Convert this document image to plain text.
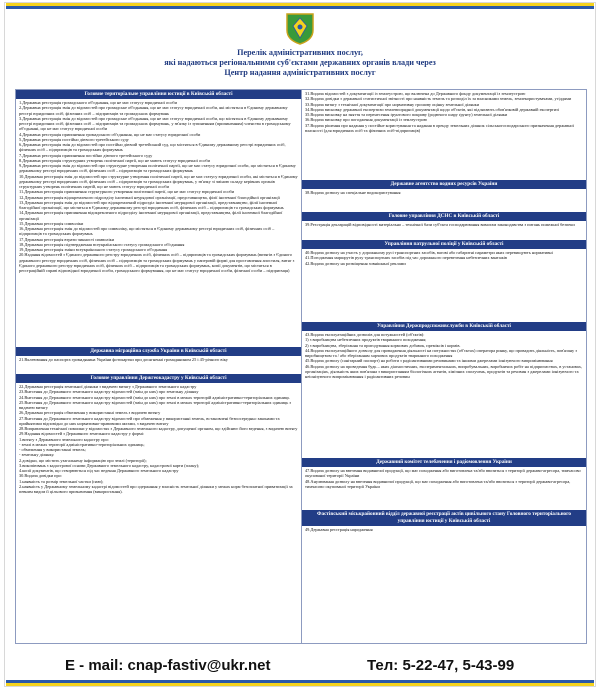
Перелік адміністративних послуг,
які надаються регіональними суб'єктами державних органів влади через
Центр надання адміністративних послуг
Головне територіальне управління юстиції в Київській області
1.Державна реєстрація громадського об'єднання, що не має статусу юридичної особи
2.Державна реєстрація змін до відомостей про громадське об'єднання, що не має статусу юридичної особи, які містяться в Єдиному державному реєстрі юридичних осіб, фізичних осіб – підприємців та громадських формувань
3.Державна реєстрація змін до відомостей про громадське об'єднання, що не має статусу юридичної особи, що містяться в Єдиному державному реєстрі юридичних осіб, фізичних осіб – підприємців та громадських формувань, у зв'язку із зупиненням (припиненням) членства в громадському об'єднанні, що не має статусу юридичної особи
4.Державна реєстрація припинення громадського об'єднання, що не має статусу юридичної особи
5.Державна реєстрація постійно діючого третейського суду
6.Державна реєстрація змін до відомостей про постійно діючий третейський суд, що містяться в Єдиному державному реєстрі юридичних осіб, фізичних осіб – підприємців та громадських формувань
7.Державна реєстрація припинення постійно діючого третейського суду
8.Державна реєстрація структурних утворень політичної партії, що не мають статусу юридичної особи
9.Державна реєстрація змін до відомостей про структурне утворення політичної партії, що не має статусу юридичної особи, що містяться в Єдиному державному реєстрі юридичних осіб, фізичних осіб – підприємців та громадських формувань
10.Державна реєстрація змін до відомостей про структурне утворення політичної партії, що не має статусу юридичної особи, які містяться в Єдиному державному реєстрі юридичних осіб, фізичних осіб – підприємців та громадських формувань, у зв'язку зі зміною складу керівних органів структурних утворень політичних партій, що не мають статусу юридичної особи
11.Державна реєстрація припинення структурного утворення політичної партії, що не має статусу юридичної особи
12.Державна реєстрація відокремленого підрозділу іноземної неурядової організації, представництва, філії іноземної благодійної організації
13.Державна реєстрація змін до відомостей про відокремлений підрозділ іноземної неурядової організації, представництво, філії іноземної благодійної організації, що містяться в Єдиному державному реєстрі юридичних осіб, фізичних осіб – підприємців та громадських формувань
14.Державна реєстрація припинення відокремленого підрозділу іноземної неурядової організації, представництва, філії іноземної благодійної організації
15.Державна реєстрація символіки
16.Державна реєстрація змін до відомостей про символіку, що містяться в Єдиному державному реєстрі юридичних осіб, фізичних осіб – підприємців та громадських формувань
17.Державна реєстрація втрати чинності символіки
18.Державна реєстрація підтвердження всеукраїнського статусу громадського об'єднання
19.Державна реєстрація зміни всеукраїнського статусу громадського об'єднання
20.Надання відомостей з Єдиного державного реєстру юридичних осіб, фізичних осіб – підприємців та громадських формувань (витягів з Єдиного державного реєстру юридичних осіб, фізичних осіб – підприємців та громадських формувань у паперовій формі для проставлення апостиля, витяг з Єдиного державного реєстру юридичних осіб, фізичних осіб – підприємців та громадських формувань, копії документів, що містяться в реєстраційній справі відповідної юридичної особи, громадського формування, що не має статусу юридичної особи, фізичної особи – підприємця)
Державна міграційна служба України в Київській області
21.Вклеювання до паспорта громадянина України фотокартки при досягненні громадянином 25 і 45-річного віку
Головне управління Держгеокадастру у Київській області
22.Державна реєстрація земельної ділянки з видачею витягу з Державного земельного кадастру
23.Внесення до Державного земельного кадастру відомостей (змін до них) про земельну ділянку
24.Внесення до Державного земельного кадастру відомостей (змін до них) про землі в межах територій адміністративно-територіальних одиниць
25.Внесення до Державного земельного кадастру відомостей (змін до них) про землі в межах території адміністративно-територіальних одиниць з видачею витягу
26.Державна реєстрація обмеження у використанні земель з видачею витягу
27.Внесення до Державного земельного кадастру відомостей про обмеження у використанні земель, встановлені безпосередньо законами та прийнятими відповідно до них нормативно-правовими актами, з видачею витягу
28.Виправлення технічної помилки у відомостях з Державного земельного кадастру, допущеної органом, що здійснює його ведення, з видачею витягу
29.Надання відомостей з Державного земельного кадастру у формі:
1.витягу з Державного земельного кадастру про:
- землі в межах території адміністративно-територіальних одиниць;
- обмеження у використанні земель;
- земельну ділянку.
2.довідки, що містить узагальнену інформацію про землі (території);
3.викопіювань з кадастрової основи Державного земельного кадастру, кадастрової карти (плану);
4.копії документів, що створюються під час ведення Державного земельного кадастру
30.Видача довідки про:
1.наявність та розмір земельної частки (паю);
2.наявність у Державному земельному кадастрі відомостей про одержання у власність земельної ділянки у межах норм безоплатної приватизації за певним видом її цільового призначення (використання).
31.Видача відомостей з документації із землеустрою, що включена до Державного фонду документації із землеустрою
32.Видача довідки з державної статистичної звітності про наявність земель та розподіл їх за власниками земель, землекористувачами, угіддями
33.Видача витягу з технічної документації про нормативну грошову оцінку земельної ділянки
34.Видача висновку державної експертизи землевпорядної документації щодо об'єктів, які підлягають обов'язковій державній експертизі
35.Видача висновку на зняття та перенесення ґрунтового покриву (родючого шару ґрунту) земельної ділянки
36.Видача висновку про погодження документації із землеустрою
37.Видача рішення про надання у постійне користування та надання в оренду земельних ділянок сільськогосподарського призначення державної власності (для юридичних осіб та фізичних осіб-підприємців)
Державне агентство водних ресурсів України
38.Видача дозволу на спеціальне водокористування
Головне управління ДСНС в Київській області
39.Реєстрація декларацій відповідності матеріально – технічної бази суб'єкта господарювання вимогам законодавства з питань пожежної безпеки
Управління патрульної поліції у Київській області
40.Видача дозволу на участь у дорожньому русі транспортних засобів, вагові або габаритні параметри яких перевищують нормативні
41.Погодження маршрутів руху транспортних засобів під час дорожнього перевезення небезпечних вантажів
42.Видача дозволу на розміщення зовнішньої реклами
Управління Держпродспоживслужби в Київській області
43.Видача експлуатаційних дозволів для потужностей (об'єктів):
1) з виробництва небезпечних продуктів тваринного походження;
2) з виробництва, зберігання та пригодування кормових добавок, преміксів і кормів.
44.Видача експлуатаційного дозволу для провадження діяльності на потужностях (об'єктах) оператора ринку, що провадить діяльність, пов'язану з виробництвом та / або зберіганням харчових продуктів тваринного походження
45.Видача дозволу (санітарний паспорт) на роботи з радіоактивними речовинами та іншими джерелами іонізуючого випромінювання
46.Видача дозволу на проведення будь – яких діагностичних, експериментальних, випробувальних, виробничих робіт на підприємствах, в установах, організаціях, діяльність яких пов'язана з використанням біологічних агентів, хімічних сполучень, продуктів та речовин з джерелами іонізуючого та неіонізуючого випромінювання і радіоактивних речовин
Державний комітет телебачення і радіомовлення України
47.Видача дозволу на ввезення видавничої продукції, що має походження або виготовлена та/або ввозиться з території держави-агресора, тимчасово окупованої території України
48.Анулювання дозволу на ввезення видавничої продукції, що має походження або виготовлена та/або ввозиться з території держави-агресора, тимчасово окупованої території України
Фастівський міськрайонний відділ державної реєстрації актів цивільного стану Головного територіального управління юстиції у Київській області
49.Державна реєстрація народження
E - mail: cnap-fastiv@ukr.net	Тел: 5-22-47, 5-43-99
